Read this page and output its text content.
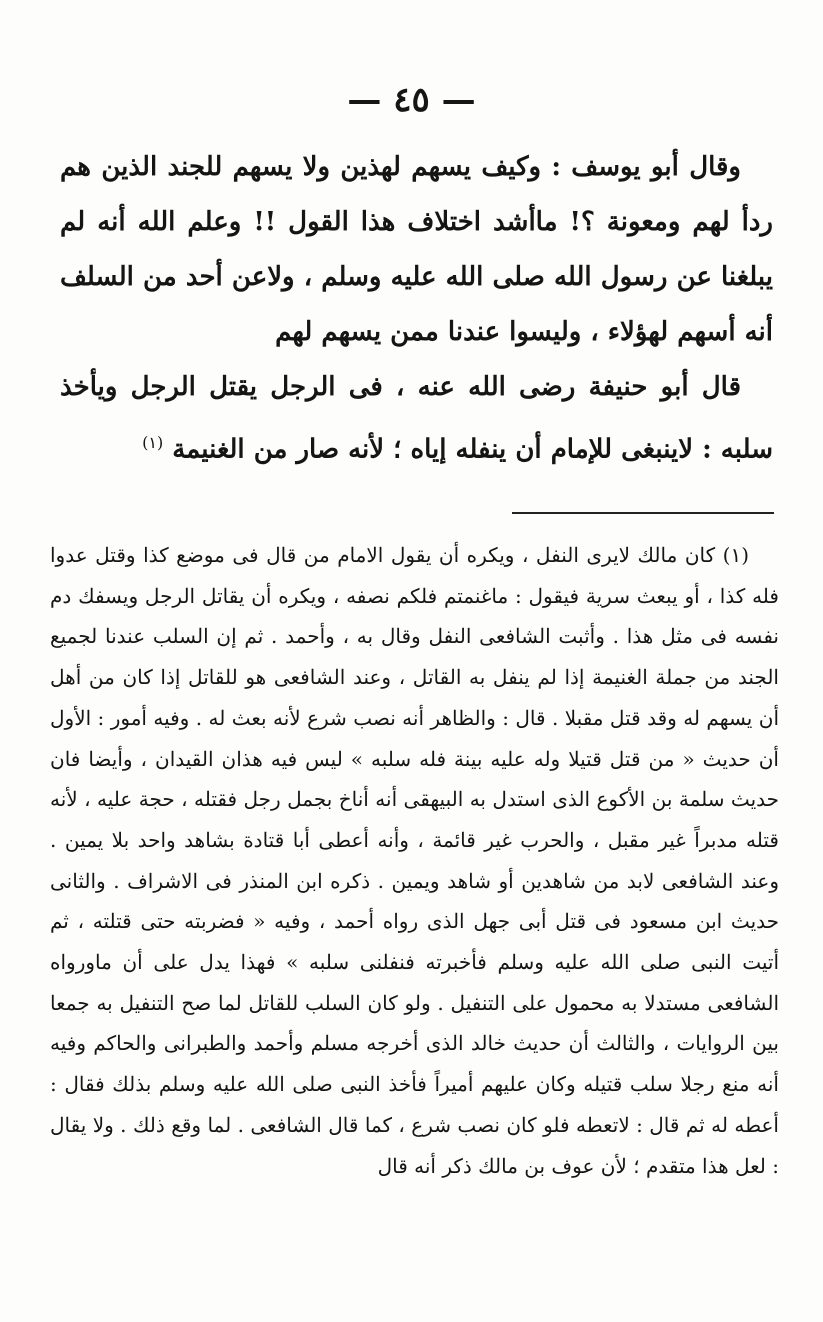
— ٤٥ —

وقال أبو يوسف : وكيف يسهم لهذين ولا يسهم للجند الذين هم ردأ لهم ومعونة ؟! ماأشد اختلاف هذا القول !! وعلم الله أنه لم يبلغنا عن رسول الله صلى الله عليه وسلم ، ولاعن أحد من السلف أنه أسهم لهؤلاء ، وليسوا عندنا ممن يسهم لهم

قال أبو حنيفة رضى الله عنه ، فى الرجل يقتل الرجل ويأخذ سلبه : لاينبغى للإمام أن ينفله إياه ؛ لأنه صار من الغنيمة $^{(١)}$

(١) كان مالك لايرى النفل ، ويكره أن يقول الامام من قال فى موضع كذا وقتل عدوا فله كذا ، أو يبعث سرية فيقول : ماغنمتم فلكم نصفه ، ويكره أن يقاتل الرجل ويسفك دم نفسه فى مثل هذا . وأثبت الشافعى النفل وقال به ، وأحمد . ثم إن السلب عندنا لجميع الجند من جملة الغنيمة إذا لم ينفل به القاتل ، وعند الشافعى هو للقاتل إذا كان من أهل أن يسهم له وقد قتل مقبلا . قال : والظاهر أنه نصب شرع لأنه بعث له . وفيه أمور : الأول أن حديث « من قتل قتيلا وله عليه بينة فله سلبه » ليس فيه هذان القيدان ، وأيضا فان حديث سلمة بن الأكوع الذى استدل به البيهقى أنه أناخ بجمل رجل فقتله ، حجة عليه ، لأنه قتله مدبراً غير مقبل ، والحرب غير قائمة ، وأنه أعطى أبا قتادة بشاهد واحد بلا يمين . وعند الشافعى لابد من شاهدين أو شاهد ويمين . ذكره ابن المنذر فى الاشراف . والثانى حديث ابن مسعود فى قتل أبى جهل الذى رواه أحمد ، وفيه « فضربته حتى قتلته ، ثم أتيت النبى صلى الله عليه وسلم فأخبرته فنفلنى سلبه » فهذا يدل على أن ماورواه الشافعى مستدلا به محمول على التنفيل . ولو كان السلب للقاتل لما صح التنفيل به جمعا بين الروايات ، والثالث أن حديث خالد الذى أخرجه مسلم وأحمد والطبرانى والحاكم وفيه أنه منع رجلا سلب قتيله وكان عليهم أميراً فأخذ النبى صلى الله عليه وسلم بذلك فقال : أعطه له ثم قال : لاتعطه فلو كان نصب شرع ، كما قال الشافعى . لما وقع ذلك . ولا يقال : لعل هذا متقدم ؛ لأن عوف بن مالك ذكر أنه قال
